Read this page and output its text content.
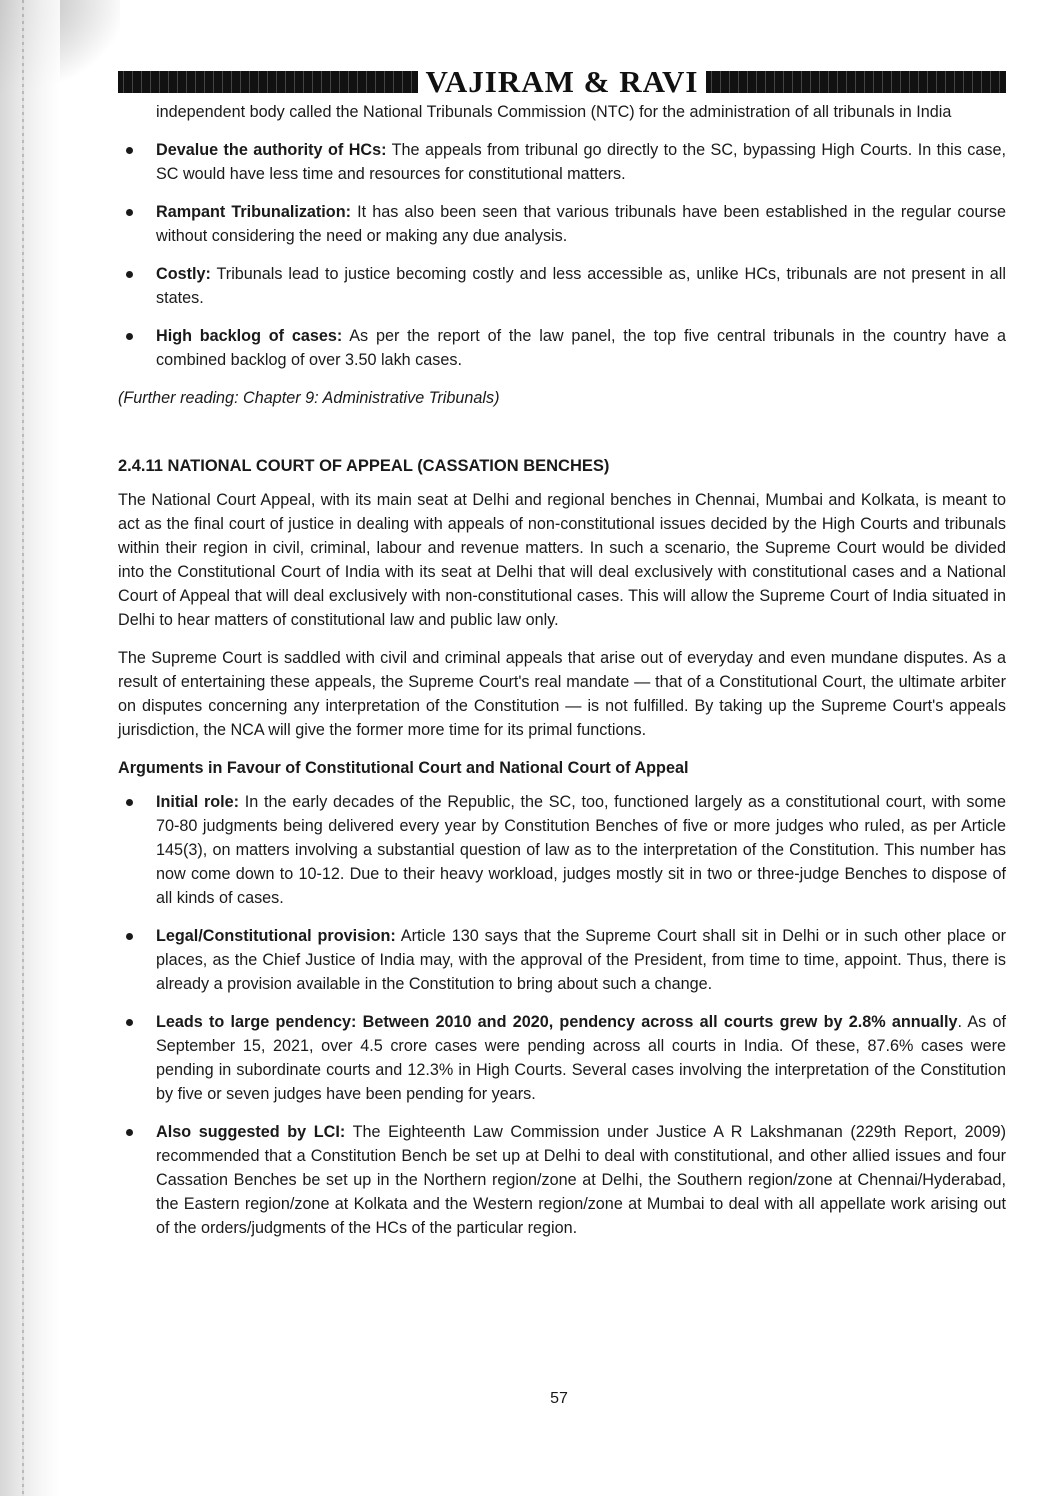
VAJIRAM & RAVI

independent body called the National Tribunals Commission (NTC) for the administration of all tribunals in India

Devalue the authority of HCs: The appeals from tribunal go directly to the SC, bypassing High Courts. In this case, SC would have less time and resources for constitutional matters.
Rampant Tribunalization: It has also been seen that various tribunals have been established in the regular course without considering the need or making any due analysis.
Costly: Tribunals lead to justice becoming costly and less accessible as, unlike HCs, tribunals are not present in all states.
High backlog of cases: As per the report of the law panel, the top five central tribunals in the country have a combined backlog of over 3.50 lakh cases.

(Further reading: Chapter 9: Administrative Tribunals)

2.4.11 NATIONAL COURT OF APPEAL (CASSATION BENCHES)

The National Court Appeal, with its main seat at Delhi and regional benches in Chennai, Mumbai and Kolkata, is meant to act as the final court of justice in dealing with appeals of non-constitutional issues decided by the High Courts and tribunals within their region in civil, criminal, labour and revenue matters. In such a scenario, the Supreme Court would be divided into the Constitutional Court of India with its seat at Delhi that will deal exclusively with constitutional cases and a National Court of Appeal that will deal exclusively with non-constitutional cases. This will allow the Supreme Court of India situated in Delhi to hear matters of constitutional law and public law only.

The Supreme Court is saddled with civil and criminal appeals that arise out of everyday and even mundane disputes. As a result of entertaining these appeals, the Supreme Court's real mandate — that of a Constitutional Court, the ultimate arbiter on disputes concerning any interpretation of the Constitution — is not fulfilled. By taking up the Supreme Court's appeals jurisdiction, the NCA will give the former more time for its primal functions.

Arguments in Favour of Constitutional Court and National Court of Appeal
Initial role: In the early decades of the Republic, the SC, too, functioned largely as a constitutional court, with some 70-80 judgments being delivered every year by Constitution Benches of five or more judges who ruled, as per Article 145(3), on matters involving a substantial question of law as to the interpretation of the Constitution. This number has now come down to 10-12. Due to their heavy workload, judges mostly sit in two or three-judge Benches to dispose of all kinds of cases.
Legal/Constitutional provision: Article 130 says that the Supreme Court shall sit in Delhi or in such other place or places, as the Chief Justice of India may, with the approval of the President, from time to time, appoint. Thus, there is already a provision available in the Constitution to bring about such a change.
Leads to large pendency: Between 2010 and 2020, pendency across all courts grew by 2.8% annually. As of September 15, 2021, over 4.5 crore cases were pending across all courts in India. Of these, 87.6% cases were pending in subordinate courts and 12.3% in High Courts. Several cases involving the interpretation of the Constitution by five or seven judges have been pending for years.
Also suggested by LCI: The Eighteenth Law Commission under Justice A R Lakshmanan (229th Report, 2009) recommended that a Constitution Bench be set up at Delhi to deal with constitutional, and other allied issues and four Cassation Benches be set up in the Northern region/zone at Delhi, the Southern region/zone at Chennai/Hyderabad, the Eastern region/zone at Kolkata and the Western region/zone at Mumbai to deal with all appellate work arising out of the orders/judgments of the HCs of the particular region.
57
